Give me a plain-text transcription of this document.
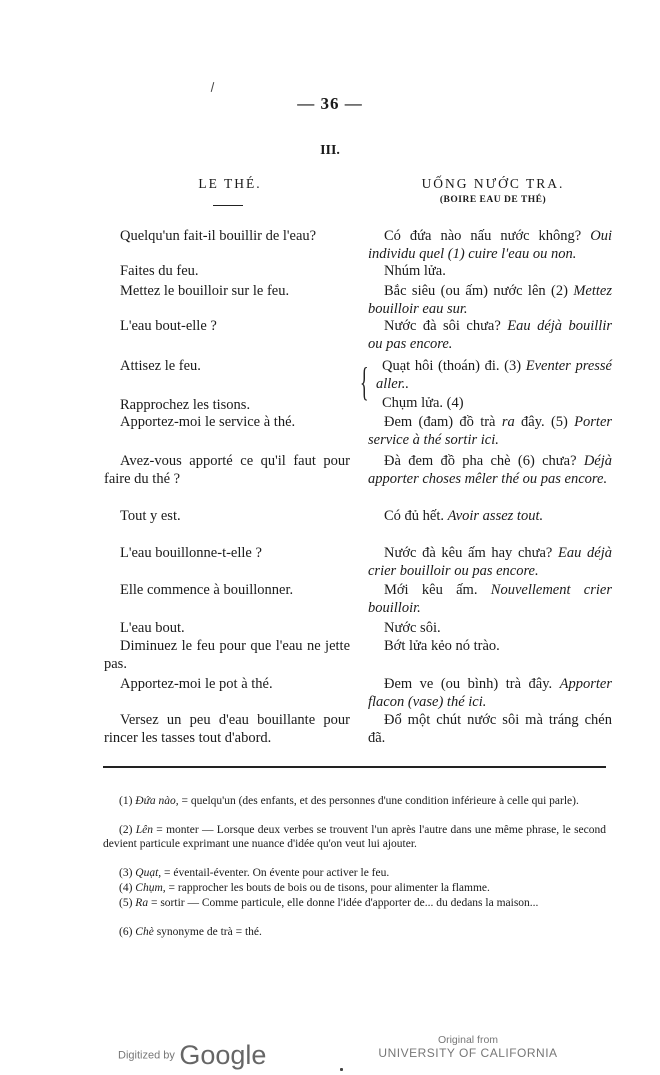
— 36 —
III.
LE THÉ.	UỐNG NƯỚC TRA.
(BOIRE EAU DE THÉ)
Quelqu'un fait-il bouillir de l'eau?
Faites du feu.
Mettez le bouilloir sur le feu.
L'eau bout-elle ?
Attisez le feu.
Rapprochez les tisons.
Apportez-moi le service à thé.
Avez-vous apporté ce qu'il faut pour faire du thé ?
Tout y est.
L'eau bouillonne-t-elle ?
Elle commence à bouillonner.
L'eau bout.
Diminuez le feu pour que l'eau ne jette pas.
Apportez-moi le pot à thé.
Versez un peu d'eau bouillante pour rincer les tasses tout d'abord.
Có đứa nào nấu nước không? Oui individu quel (1) cuire l'eau ou non.
Nhúm lửa.
Bắc siêu (ou ấm) nước lên (2) Mettez bouilloir eau sur.
Nước đà sôi chưa? Eau déjà bouillir ou pas encore.
{ Quạt hôi (thoán) đi. (3) Eventer pressé aller..
Chụm lửa. (4)
Đem (đam) đồ trà ra đây. (5) Porter service à thé sortir ici.
Đà đem đồ pha chè (6) chưa? Déjà apporter choses mêler thé ou pas encore.
Có đủ hết. Avoir assez tout.
Nước đà kêu ấm hay chưa? Eau déjà crier bouilloir ou pas encore.
Mới kêu ấm. Nouvellement crier bouilloir.
Nước sôi.
Bớt lửa kẻo nó trào.
Đem ve (ou bình) trà đây. Apporter flacon (vase) thé ici.
Đổ một chút nước sôi mà tráng chén đã.
(1) Đứa nào, = quelqu'un (des enfants, et des personnes d'une condition inférieure à celle qui parle).
(2) Lên = monter — Lorsque deux verbes se trouvent l'un après l'autre dans une même phrase, le second devient particule exprimant une nuance d'idée qu'on veut lui ajouter.
(3) Quạt, = éventail-éventer. On évente pour activer le feu.
(4) Chụm, = rapprocher les bouts de bois ou de tisons, pour alimenter la flamme.
(5) Ra = sortir — Comme particule, elle donne l'idée d'apporter de... du dedans la maison...
(6) Chè synonyme de trà = thé.
Digitized by Google	Original from
UNIVERSITY OF CALIFORNIA
